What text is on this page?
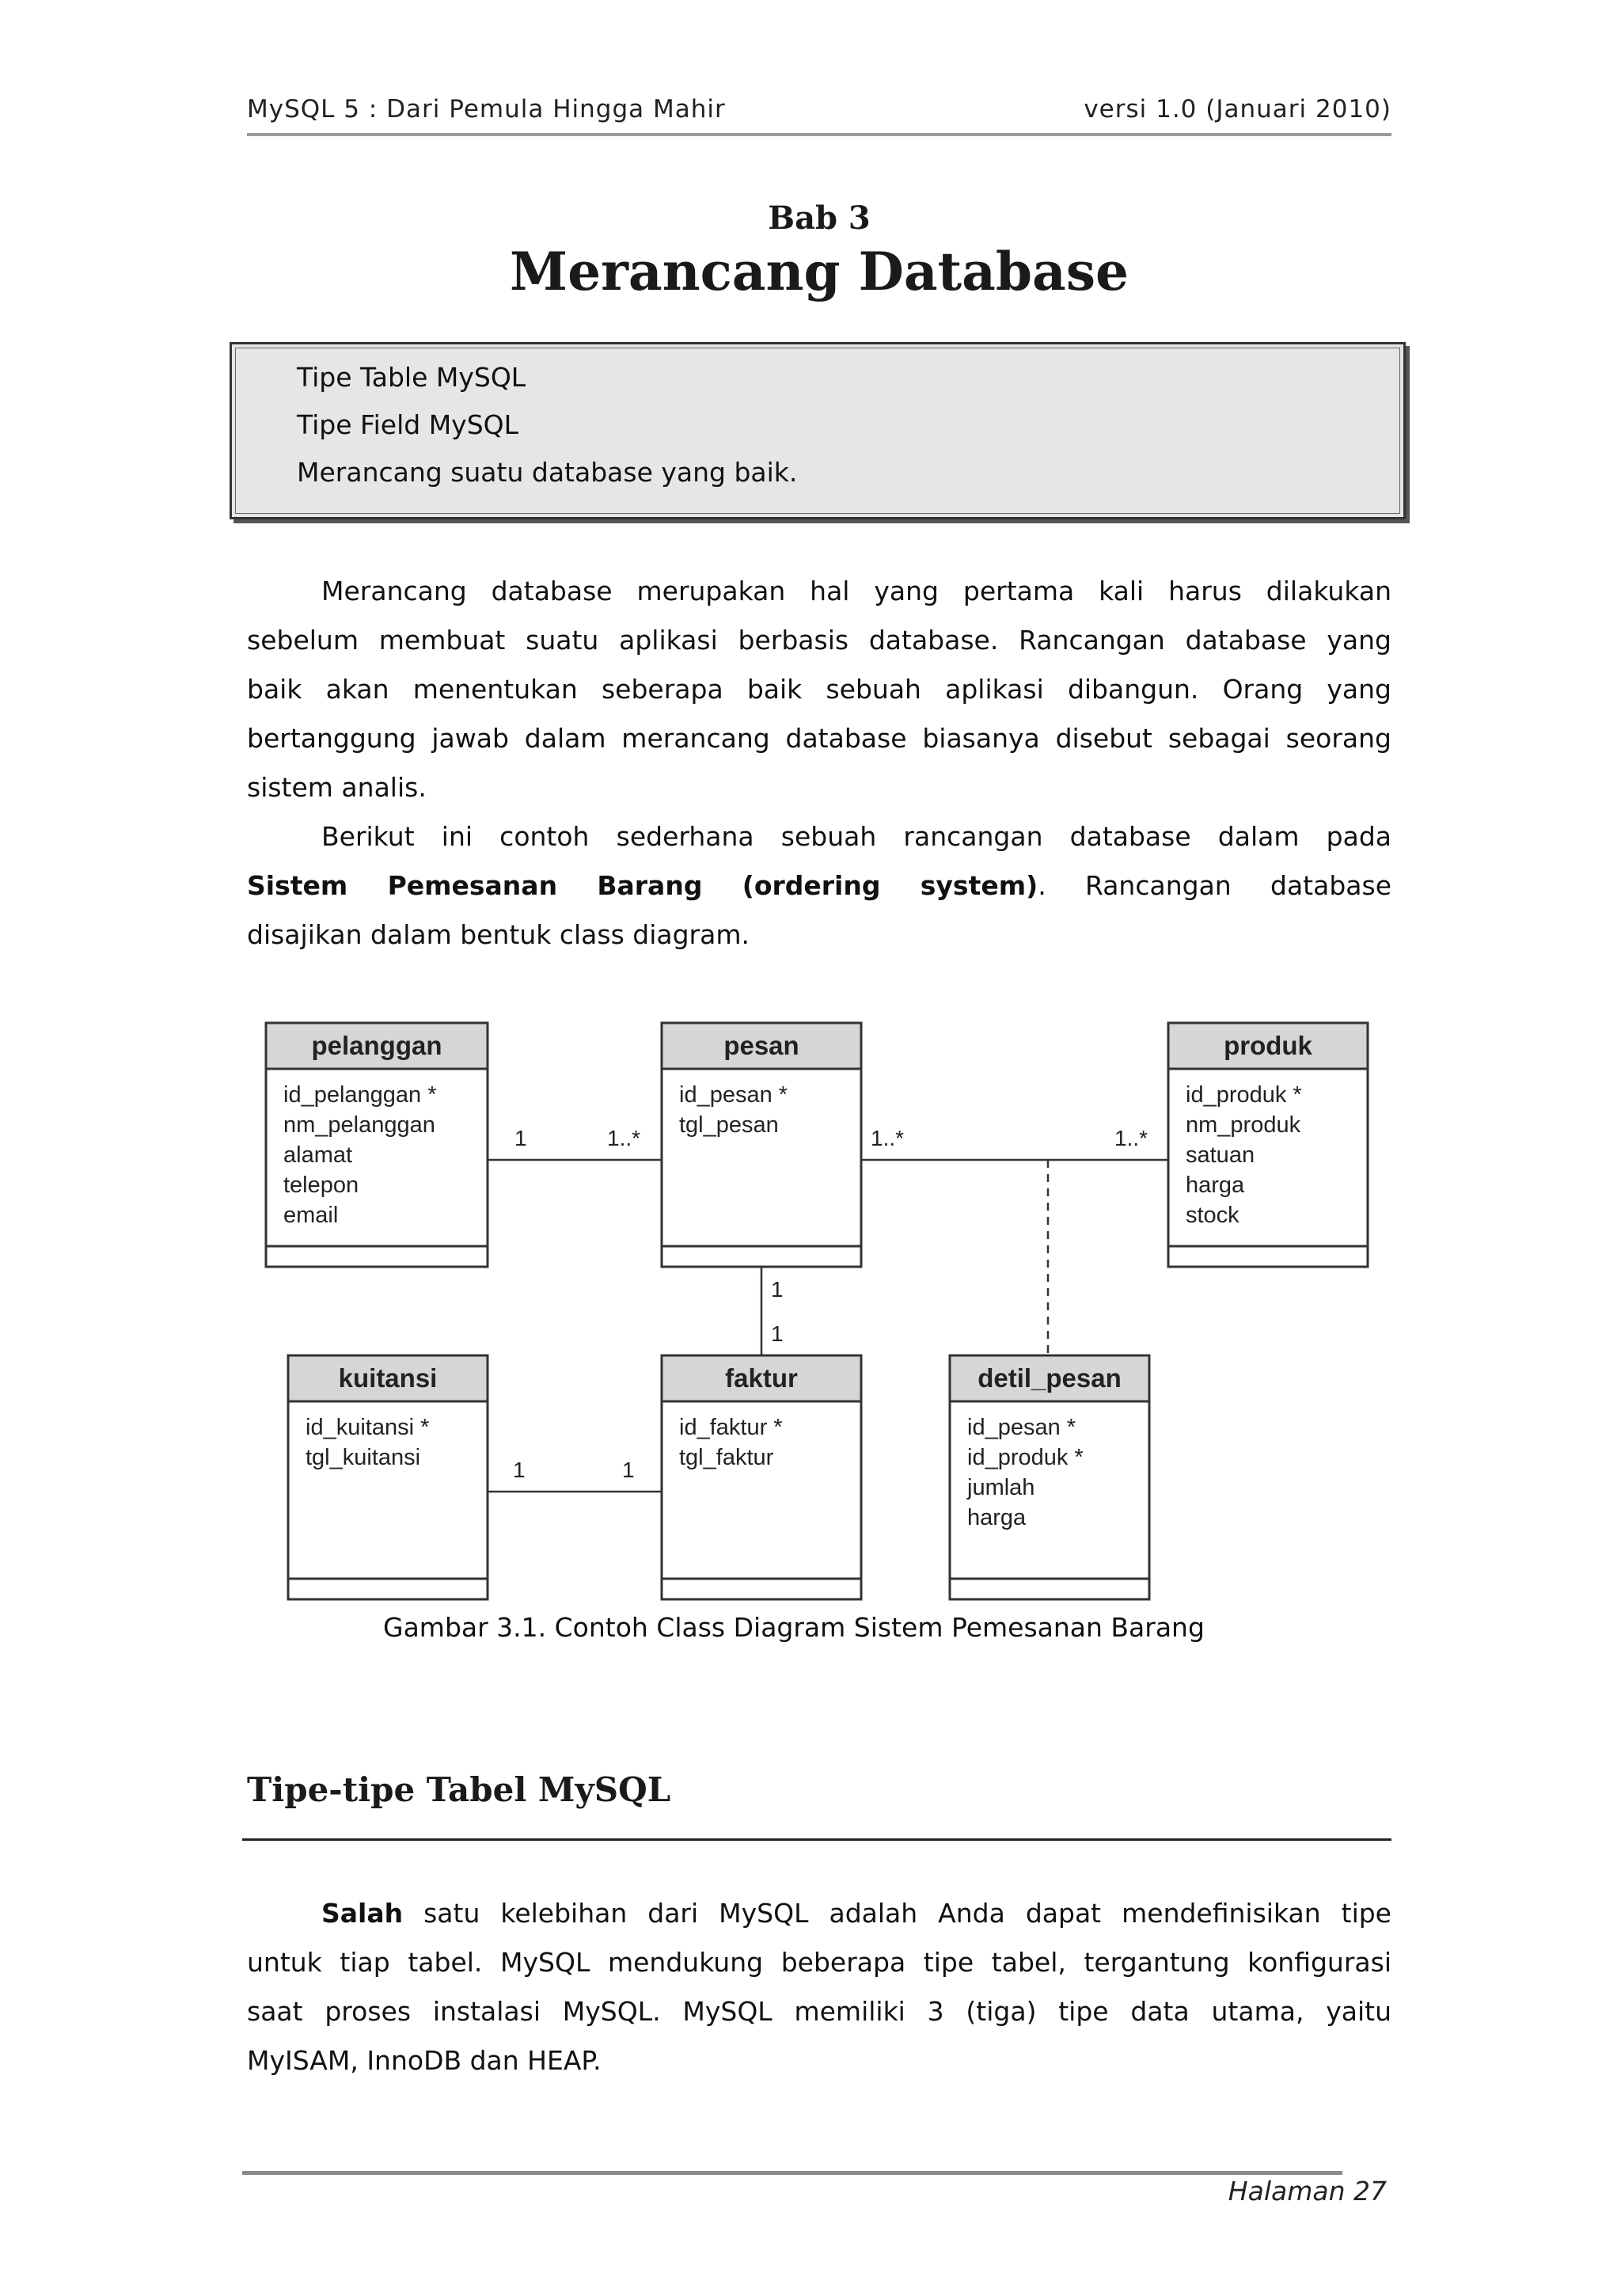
MySQL 5 : Dari Pemula Hingga Mahir	versi 1.0 (Januari 2010)
Bab 3
Merancang Database
Tipe Table MySQL
Tipe Field MySQL
Merancang suatu database yang baik.
Merancang database merupakan hal yang pertama kali harus dilakukan
sebelum membuat suatu aplikasi berbasis database. Rancangan database yang
baik akan menentukan seberapa baik sebuah aplikasi dibangun. Orang yang
bertanggung jawab dalam merancang database biasanya disebut sebagai seorang
sistem analis.
Berikut ini contoh sederhana sebuah rancangan database dalam pada
Sistem Pemesanan Barang (ordering system). Rancangan database
disajikan dalam bentuk class diagram.
1	1..*	1..*	1..*
1
1
1	1
pelanggan
id_pelanggan *
nm_pelanggan
alamat
telepon
email
pesan
id_pesan *
tgl_pesan
produk
id_produk *
nm_produk
satuan
harga
stock
kuitansi
id_kuitansi *
tgl_kuitansi
faktur
id_faktur *
tgl_faktur
detil_pesan
id_pesan *
id_produk *
jumlah
harga
Gambar 3.1. Contoh Class Diagram Sistem Pemesanan Barang
Tipe-tipe Tabel MySQL
Salah satu kelebihan dari MySQL adalah Anda dapat mendefinisikan tipe
untuk tiap tabel. MySQL mendukung beberapa tipe tabel, tergantung konfigurasi
saat proses instalasi MySQL. MySQL memiliki 3 (tiga) tipe data utama, yaitu
MyISAM, InnoDB dan HEAP.
Halaman 27
